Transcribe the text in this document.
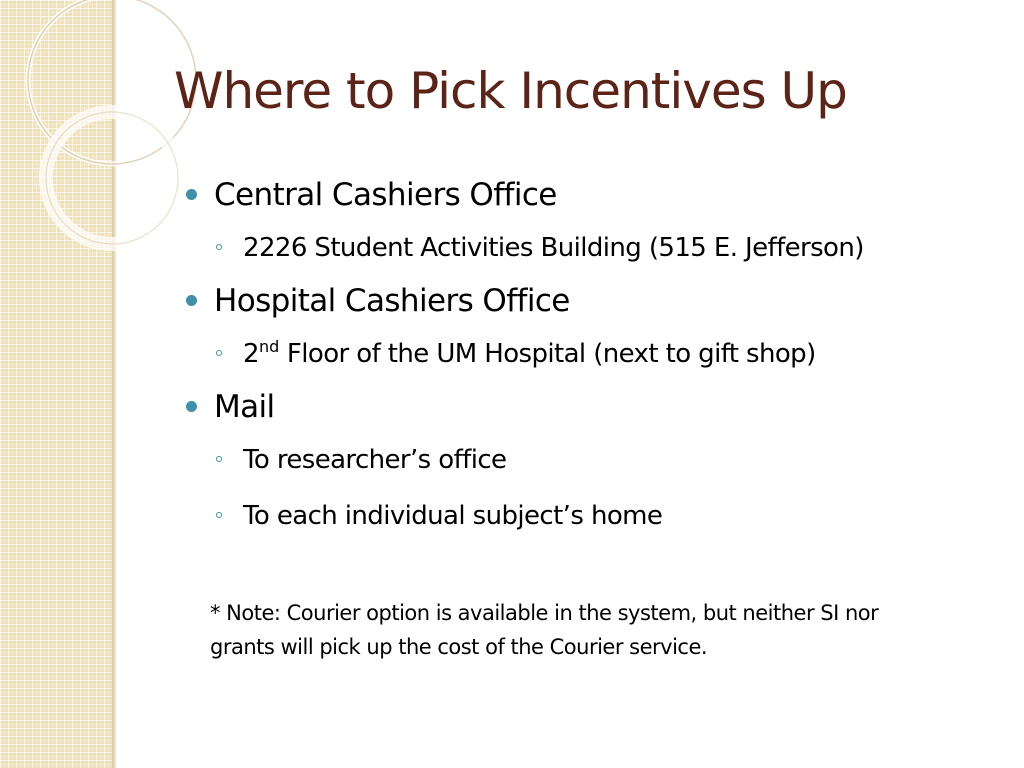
Where to Pick Incentives Up
Central Cashiers Office
2226 Student Activities Building (515 E. Jefferson)
Hospital Cashiers Office
2nd Floor of the UM Hospital (next to gift shop)
Mail
To researcher’s office
To each individual subject’s home
* Note: Courier option is available in the system, but neither SI nor
grants will pick up the cost of the Courier service.
